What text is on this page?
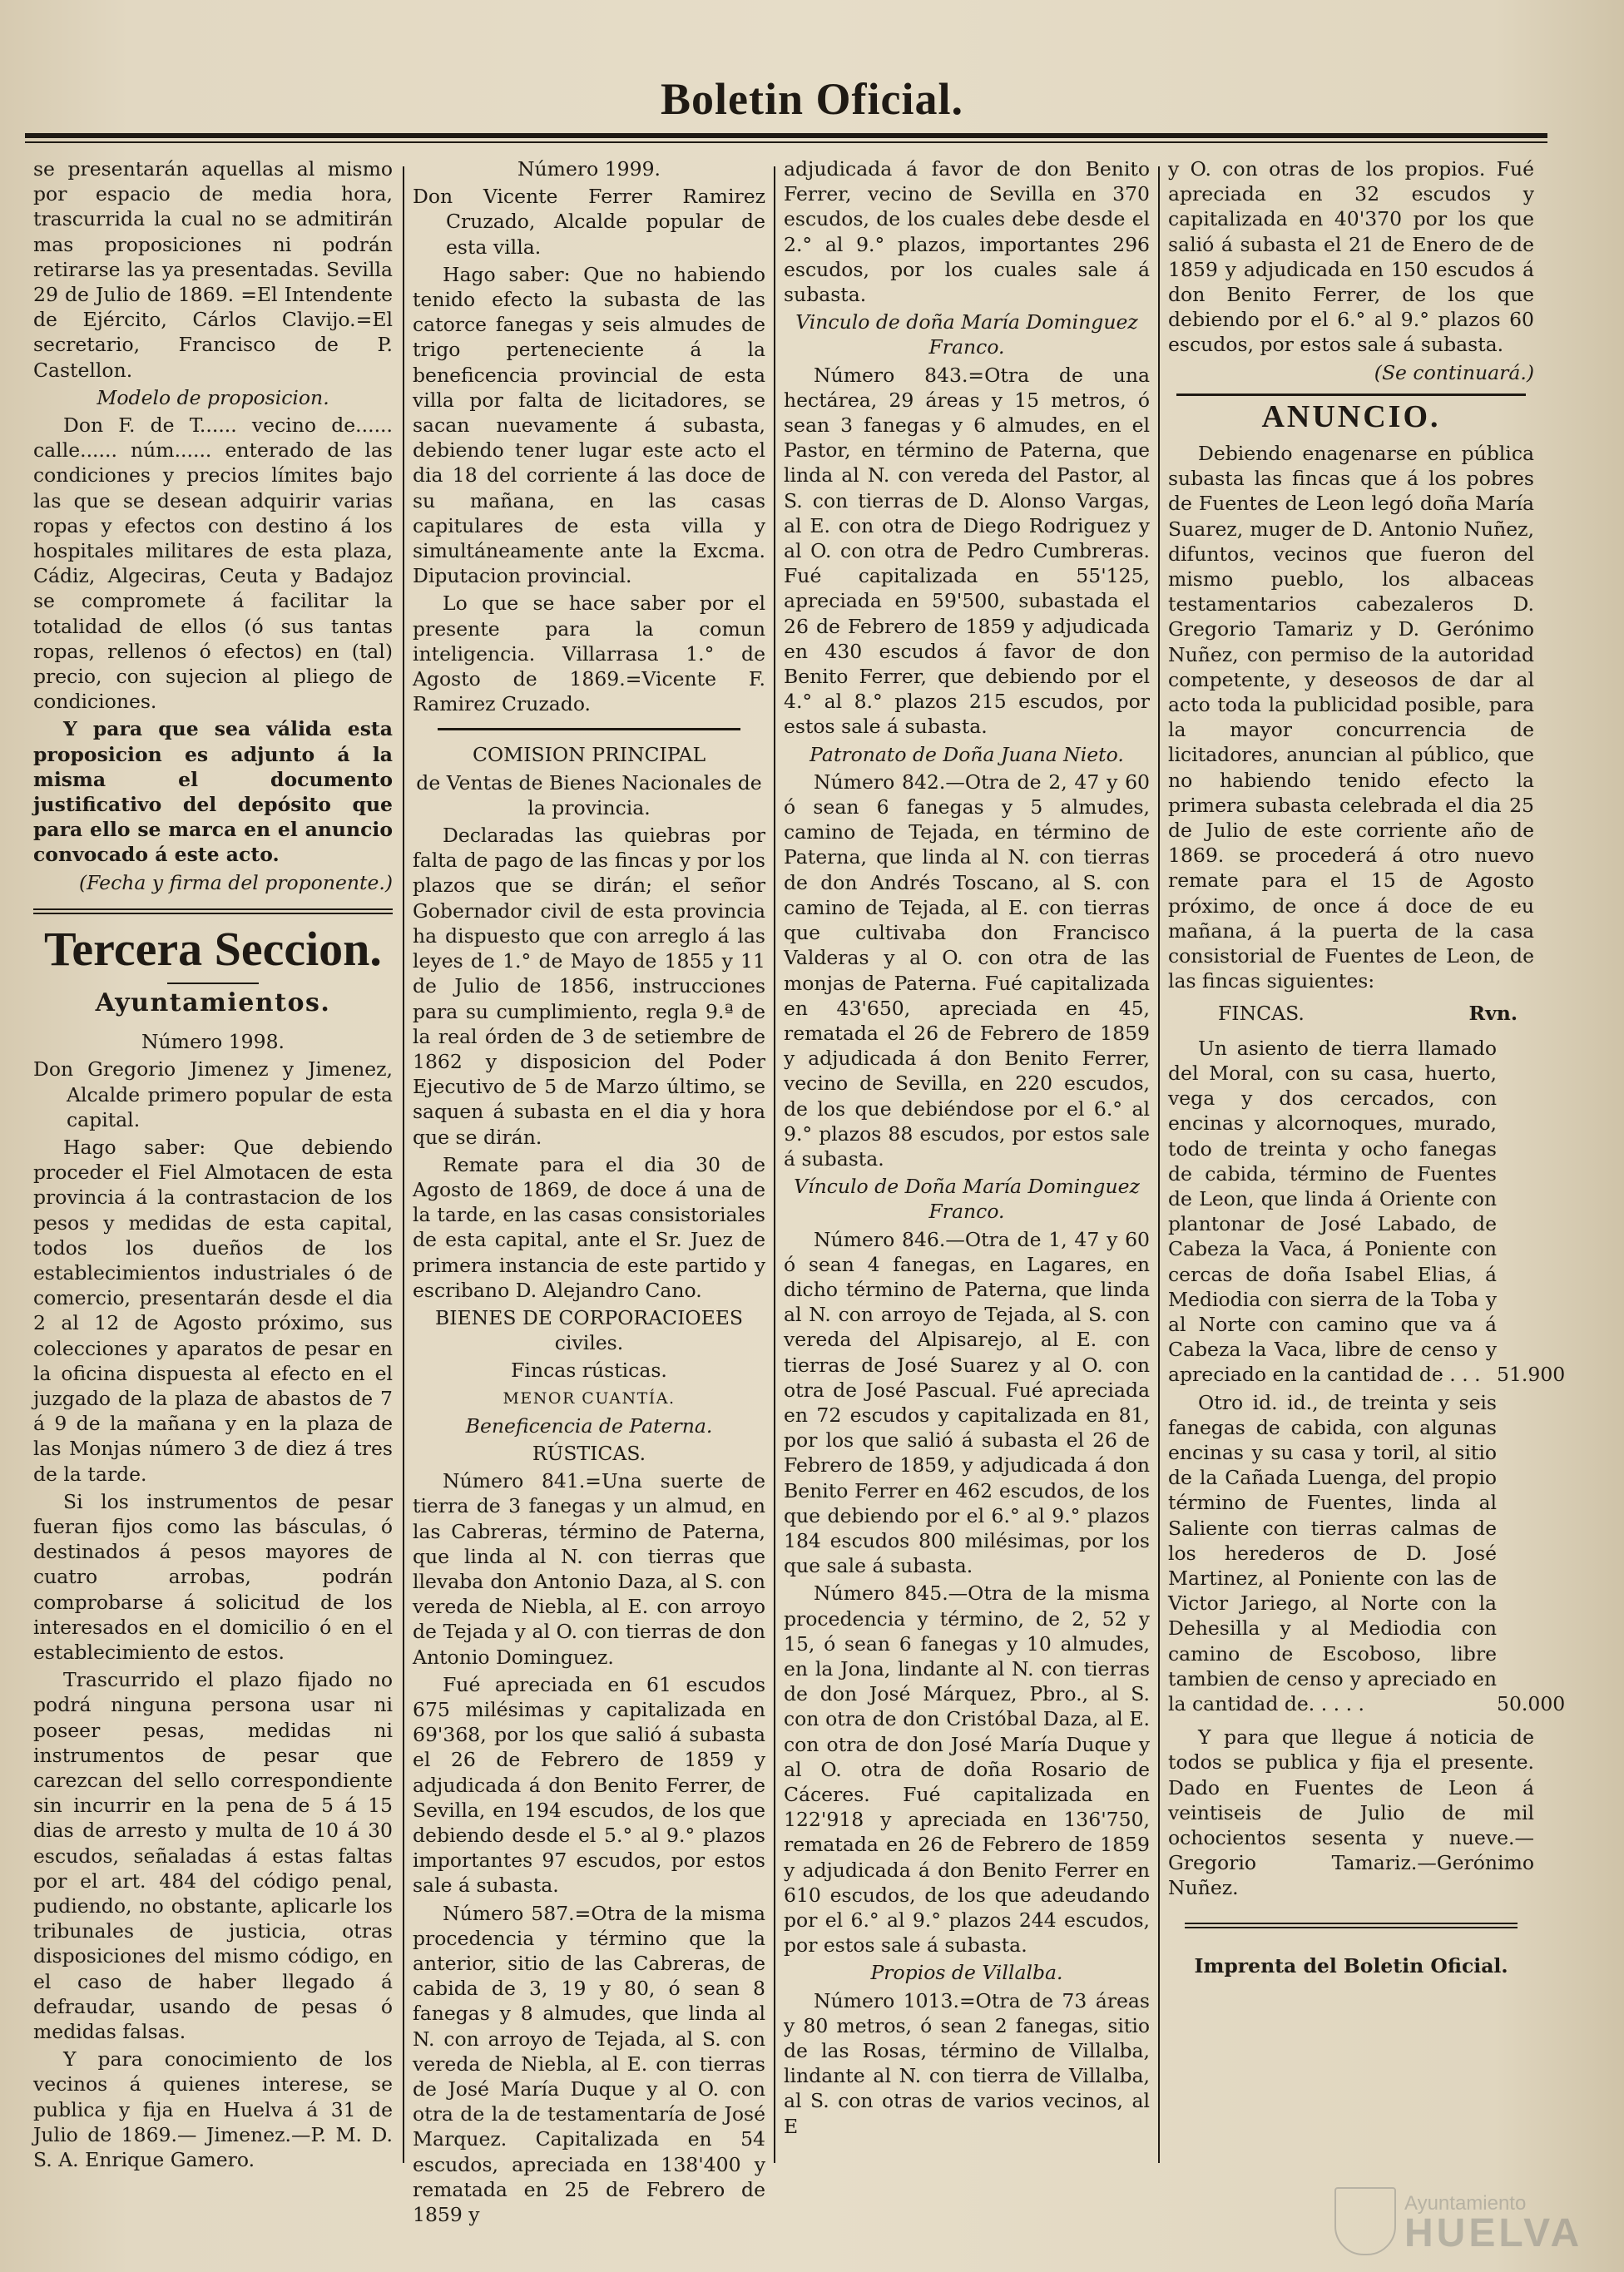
Boletin Oficial.

se presentarán aquellas al mismo por espacio de media hora, trascurrida la cual no se admitirán mas proposiciones ni podrán retirarse las ya presentadas. Sevilla 29 de Julio de 1869. =El Intendente de Ejército, Cárlos Clavijo.=El secretario, Francisco de P. Castellon.

Modelo de proposicion.

Don F. de T...... vecino de...... calle...... núm...... enterado de las condiciones y precios límites bajo las que se desean adquirir varias ropas y efectos con destino á los hospitales militares de esta plaza, Cádiz, Algeciras, Ceuta y Badajoz se compromete á facilitar la totalidad de ellos (ó sus tantas ropas, rellenos ó efectos) en (tal) precio, con sujecion al pliego de condiciones.

Y para que sea válida esta proposicion es adjunto á la misma el documento justificativo del depósito que para ello se marca en el anuncio convocado á este acto.

(Fecha y firma del proponente.)

Tercera Seccion.
Ayuntamientos.

Número 1998.

Don Gregorio Jimenez y Jimenez, Alcalde primero popular de esta capital.

Hago saber: Que debiendo proceder el Fiel Almotacen de esta provincia á la contrastacion de los pesos y medidas de esta capital, todos los dueños de los establecimientos industriales ó de comercio, presentarán desde el dia 2 al 12 de Agosto próximo, sus colecciones y aparatos de pesar en la oficina dispuesta al efecto en el juzgado de la plaza de abastos de 7 á 9 de la mañana y en la plaza de las Monjas número 3 de diez á tres de la tarde.

Si los instrumentos de pesar fueran fijos como las básculas, ó destinados á pesos mayores de cuatro arrobas, podrán comprobarse á solicitud de los interesados en el domicilio ó en el establecimiento de estos.

Trascurrido el plazo fijado no podrá ninguna persona usar ni poseer pesas, medidas ni instrumentos de pesar que carezcan del sello correspondiente sin incurrir en la pena de 5 á 15 dias de arresto y multa de 10 á 30 escudos, señaladas á estas faltas por el art. 484 del código penal, pudiendo, no obstante, aplicarle los tribunales de justicia, otras disposiciones del mismo código, en el caso de haber llegado á defraudar, usando de pesas ó medidas falsas.

Y para conocimiento de los vecinos á quienes interese, se publica y fija en Huelva á 31 de Julio de 1869.— Jimenez.—P. M. D. S. A. Enrique Gamero.

Número 1999.

Don Vicente Ferrer Ramirez Cruzado, Alcalde popular de esta villa.

Hago saber: Que no habiendo tenido efecto la subasta de las catorce fanegas y seis almudes de trigo perteneciente á la beneficencia provincial de esta villa por falta de licitadores, se sacan nuevamente á subasta, debiendo tener lugar este acto el dia 18 del corriente á las doce de su mañana, en las casas capitulares de esta villa y simultáneamente ante la Excma. Diputacion provincial.

Lo que se hace saber por el presente para la comun inteligencia. Villarrasa 1.° de Agosto de 1869.=Vicente F. Ramirez Cruzado.

COMISION PRINCIPAL

de Ventas de Bienes Nacionales de la provincia.

Declaradas las quiebras por falta de pago de las fincas y por los plazos que se dirán; el señor Gobernador civil de esta provincia ha dispuesto que con arreglo á las leyes de 1.° de Mayo de 1855 y 11 de Julio de 1856, instrucciones para su cumplimiento, regla 9.ª de la real órden de 3 de setiembre de 1862 y disposicion del Poder Ejecutivo de 5 de Marzo último, se saquen á subasta en el dia y hora que se dirán.

Remate para el dia 30 de Agosto de 1869, de doce á una de la tarde, en las casas consistoriales de esta capital, ante el Sr. Juez de primera instancia de este partido y escribano D. Alejandro Cano.

BIENES DE CORPORACIOEES civiles.

Fincas rústicas.

MENOR CUANTÍA.

Beneficencia de Paterna.

RÚSTICAS.

Número 841.=Una suerte de tierra de 3 fanegas y un almud, en las Cabreras, término de Paterna, que linda al N. con tierras que llevaba don Antonio Daza, al S. con vereda de Niebla, al E. con arroyo de Tejada y al O. con tierras de don Antonio Dominguez.

Fué apreciada en 61 escudos 675 milésimas y capitalizada en 69'368, por los que salió á subasta el 26 de Febrero de 1859 y adjudicada á don Benito Ferrer, de Sevilla, en 194 escudos, de los que debiendo desde el 5.° al 9.° plazos importantes 97 escudos, por estos sale á subasta.

Número 587.=Otra de la misma procedencia y término que la anterior, sitio de las Cabreras, de cabida de 3, 19 y 80, ó sean 8 fanegas y 8 almudes, que linda al N. con arroyo de Tejada, al S. con vereda de Niebla, al E. con tierras de José María Duque y al O. con otra de la de testamentaría de José Marquez. Capitalizada en 54 escudos, apreciada en 138'400 y rematada en 25 de Febrero de 1859 y

adjudicada á favor de don Benito Ferrer, vecino de Sevilla en 370 escudos, de los cuales debe desde el 2.° al 9.° plazos, importantes 296 escudos, por los cuales sale á subasta.

Vinculo de doña María Dominguez Franco.

Número 843.=Otra de una hectárea, 29 áreas y 15 metros, ó sean 3 fanegas y 6 almudes, en el Pastor, en término de Paterna, que linda al N. con vereda del Pastor, al S. con tierras de D. Alonso Vargas, al E. con otra de Diego Rodriguez y al O. con otra de Pedro Cumbreras. Fué capitalizada en 55'125, apreciada en 59'500, subastada el 26 de Febrero de 1859 y adjudicada en 430 escudos á favor de don Benito Ferrer, que debiendo por el 4.° al 8.° plazos 215 escudos, por estos sale á subasta.

Patronato de Doña Juana Nieto.

Número 842.—Otra de 2, 47 y 60 ó sean 6 fanegas y 5 almudes, camino de Tejada, en término de Paterna, que linda al N. con tierras de don Andrés Toscano, al S. con camino de Tejada, al E. con tierras que cultivaba don Francisco Valderas y al O. con otra de las monjas de Paterna. Fué capitalizada en 43'650, apreciada en 45, rematada el 26 de Febrero de 1859 y adjudicada á don Benito Ferrer, vecino de Sevilla, en 220 escudos, de los que debiéndose por el 6.° al 9.° plazos 88 escudos, por estos sale á subasta.

Vínculo de Doña María Dominguez Franco.

Número 846.—Otra de 1, 47 y 60 ó sean 4 fanegas, en Lagares, en dicho término de Paterna, que linda al N. con arroyo de Tejada, al S. con vereda del Alpisarejo, al E. con tierras de José Suarez y al O. con otra de José Pascual. Fué apreciada en 72 escudos y capitalizada en 81, por los que salió á subasta el 26 de Febrero de 1859, y adjudicada á don Benito Ferrer en 462 escudos, de los que debiendo por el 6.° al 9.° plazos 184 escudos 800 milésimas, por los que sale á subasta.

Número 845.—Otra de la misma procedencia y término, de 2, 52 y 15, ó sean 6 fanegas y 10 almudes, en la Jona, lindante al N. con tierras de don José Márquez, Pbro., al S. con otra de don Cristóbal Daza, al E. con otra de don José María Duque y al O. otra de doña Rosario de Cáceres. Fué capitalizada en 122'918 y apreciada en 136'750, rematada en 26 de Febrero de 1859 y adjudicada á don Benito Ferrer en 610 escudos, de los que adeudando por el 6.° al 9.° plazos 244 escudos, por estos sale á subasta.

Propios de Villalba.

Número 1013.=Otra de 73 áreas y 80 metros, ó sean 2 fanegas, sitio de las Rosas, término de Villalba, lindante al N. con tierra de Villalba, al S. con otras de varios vecinos, al E

y O. con otras de los propios. Fué apreciada en 32 escudos y capitalizada en 40'370 por los que salió á subasta el 21 de Enero de de 1859 y adjudicada en 150 escudos á don Benito Ferrer, de los que debiendo por el 6.° al 9.° plazos 60 escudos, por estos sale á subasta.

(Se continuará.)

ANUNCIO.

Debiendo enagenarse en pública subasta las fincas que á los pobres de Fuentes de Leon legó doña María Suarez, muger de D. Antonio Nuñez, difuntos, vecinos que fueron del mismo pueblo, los albaceas testamentarios cabezaleros D. Gregorio Tamariz y D. Gerónimo Nuñez, con permiso de la autoridad competente, y deseosos de dar al acto toda la publicidad posible, para la mayor concurrencia de licitadores, anuncian al público, que no habiendo tenido efecto la primera subasta celebrada el dia 25 de Julio de este corriente año de 1869. se procederá á otro nuevo remate para el 15 de Agosto próximo, de once á doce de eu mañana, á la puerta de la casa consistorial de Fuentes de Leon, de las fincas siguientes:

FINCAS.	Rvn.
Un asiento de tierra llamado del Moral, con su casa, huerto, vega y dos cercados, con encinas y alcornoques, murado, todo de treinta y ocho fanegas de cabida, término de Fuentes de Leon, que linda á Oriente con plantonar de José Labado, de Cabeza la Vaca, á Poniente con cercas de doña Isabel Elias, á Mediodia con sierra de la Toba y al Norte con camino que va á Cabeza la Vaca, libre de censo y apreciado en la cantidad de . . . 51.900
Otro id. id., de treinta y seis fanegas de cabida, con algunas encinas y su casa y toril, al sitio de la Cañada Luenga, del propio término de Fuentes, linda al Saliente con tierras calmas de los herederos de D. José Martinez, al Poniente con las de Victor Jariego, al Norte con la Dehesilla y al Mediodia con camino de Escoboso, libre tambien de censo y apreciado en la cantidad de. . . . .	50.000

Y para que llegue á noticia de todos se publica y fija el presente. Dado en Fuentes de Leon á veintiseis de Julio de mil ochocientos sesenta y nueve.—Gregorio Tamariz.—Gerónimo Nuñez.

Imprenta del Boletin Oficial.

Ayuntamiento
HUELVA
